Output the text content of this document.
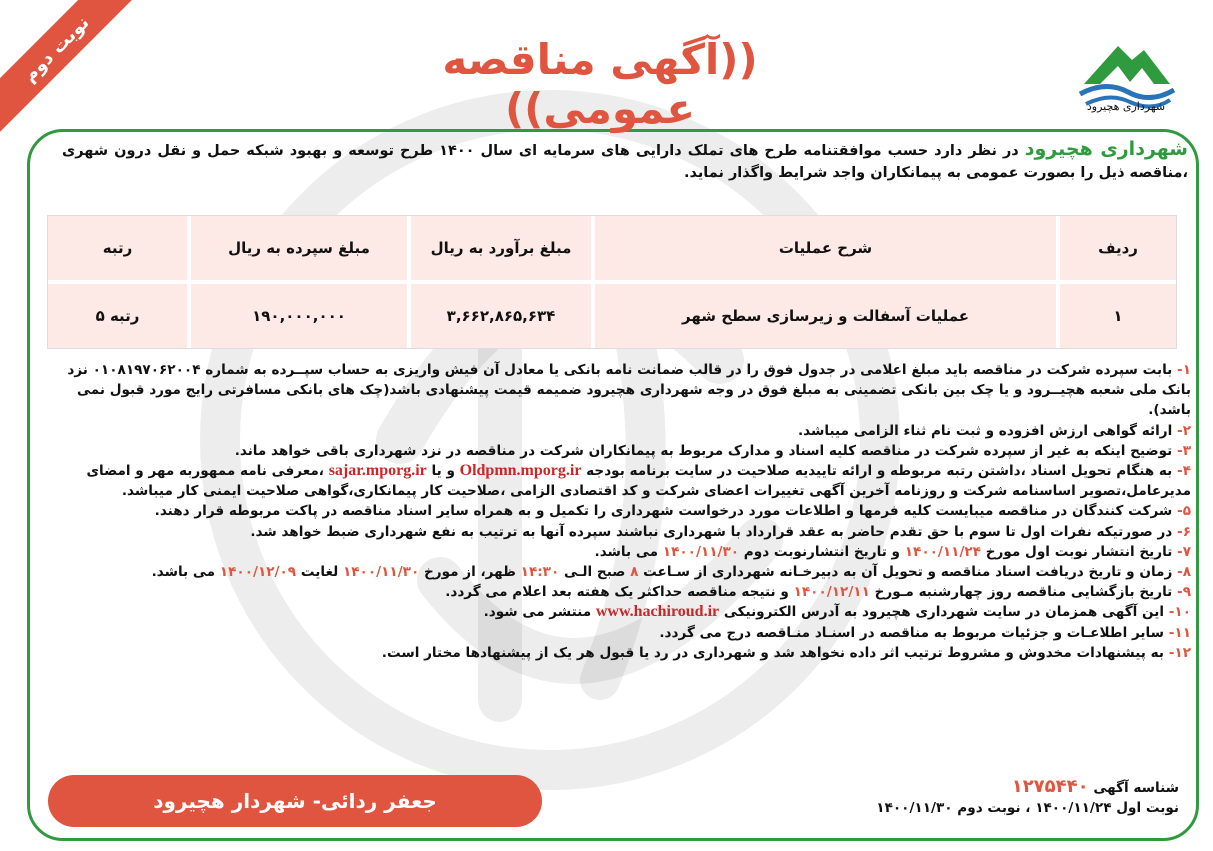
نوبت دوم	((آگهی مناقصه عمومی))	شهرداری هچیرود
شهرداری هچیرود در نظر دارد حسب موافقتنامه طرح های تملک دارایی های سرمایه ای سال ۱۴۰۰ طرح توسعه و بهبود شبکه حمل و نقل درون شهری ،مناقصه ذیل را بصورت عمومی به پیمانکاران واجد شرایط واگذار نماید.
ردیف
شرح عملیات
مبلغ برآورد به ریال
مبلغ سپرده به ریال
رتبه
۱
عملیات آسفالت و زیرسازی سطح شهر
۳,۶۶۲,۸۶۵,۶۳۴
۱۹۰,۰۰۰,۰۰۰
رتبه ۵
۱- بابت سپرده شرکت در مناقصه باید مبلغ اعلامی در جدول فوق را در قالب ضمانت نامه بانکی یا معادل آن فیش واریزی به حساب سپــرده به شماره ۰۱۰۸۱۹۷۰۶۲۰۰۴ نزد بانک ملی شعبه هچیــرود و یا چک بین بانکی تضمینی به مبلغ فوق در وجه شهرداری هچیرود ضمیمه قیمت پیشنهادی باشد(چک های بانکی مسافرتی رایج مورد قبول نمی باشد).
۲- ارائه گواهی ارزش افزوده و ثبت نام ثناء الزامی میباشد.
۳- توضیح اینکه به غیر از سپرده شرکت در مناقصه کلیه اسناد و مدارک مربوط به پیمانکاران شرکت در مناقصه در نزد شهرداری باقی خواهد ماند.
۴- به هنگام تحویل اسناد ،داشتن رتبه مربوطه و ارائه تاییدیه صلاحیت در سایت برنامه بودجه Oldpmn.mporg.ir و یا sajar.mporg.ir ،معرفی نامه ممهوربه مهر و امضای مدیرعامل،تصویر اساسنامه شرکت و روزنامه آخرین آگهی تغییرات اعضای شرکت و کد اقتصادی الزامی ،صلاحیت کار پیمانکاری،گواهی صلاحیت ایمنی کار میباشد.
۵- شرکت کنندگان در مناقصه میبایست کلیه فرمها و اطلاعات مورد درخواست شهرداری را تکمیل و به همراه سایر اسناد مناقصه در پاکت مربوطه قرار دهند.
۶- در صورتیکه نفرات اول تا سوم با حق تقدم حاضر به عقد قرارداد با شهرداری نباشند سپرده آنها به ترتیب به نفع شهرداری ضبط خواهد شد.
۷- تاریخ انتشار نوبت اول مورخ ۱۴۰۰/۱۱/۲۴ و تاریخ انتشارنوبت دوم ۱۴۰۰/۱۱/۳۰ می باشد.
۸- زمان و تاریخ دریافت اسناد مناقصه و تحویل آن به دبیرخـانه شهرداری از سـاعت ۸ صبح الـی ۱۴:۳۰ ظهر، از مورخ ۱۴۰۰/۱۱/۳۰ لغایت ۱۴۰۰/۱۲/۰۹ می باشد.
۹- تاریخ بازگشایی مناقصه روز چهارشنبه مـورخ ۱۴۰۰/۱۲/۱۱ و نتیجه مناقصه حداکثر یک هفته بعد اعلام می گردد.
۱۰- این آگهی همزمان در سایت شهرداری هچیرود به آدرس الکترونیکی www.hachiroud.ir منتشر می شود.
۱۱- سایر اطلاعـات و جزئیات مربوط به مناقصه در اسنـاد منـاقصه درج می گردد.
۱۲- به پیشنهادات مخدوش و مشروط ترتیب اثر داده نخواهد شد و شهرداری در رد یا قبول هر یک از پیشنهادها مختار است.
شناسه آگهی ۱۲۷۵۴۴۰
نوبت اول ۱۴۰۰/۱۱/۲۴ ، نوبت دوم ۱۴۰۰/۱۱/۳۰
جعفر ردائی- شهردار هچیرود
